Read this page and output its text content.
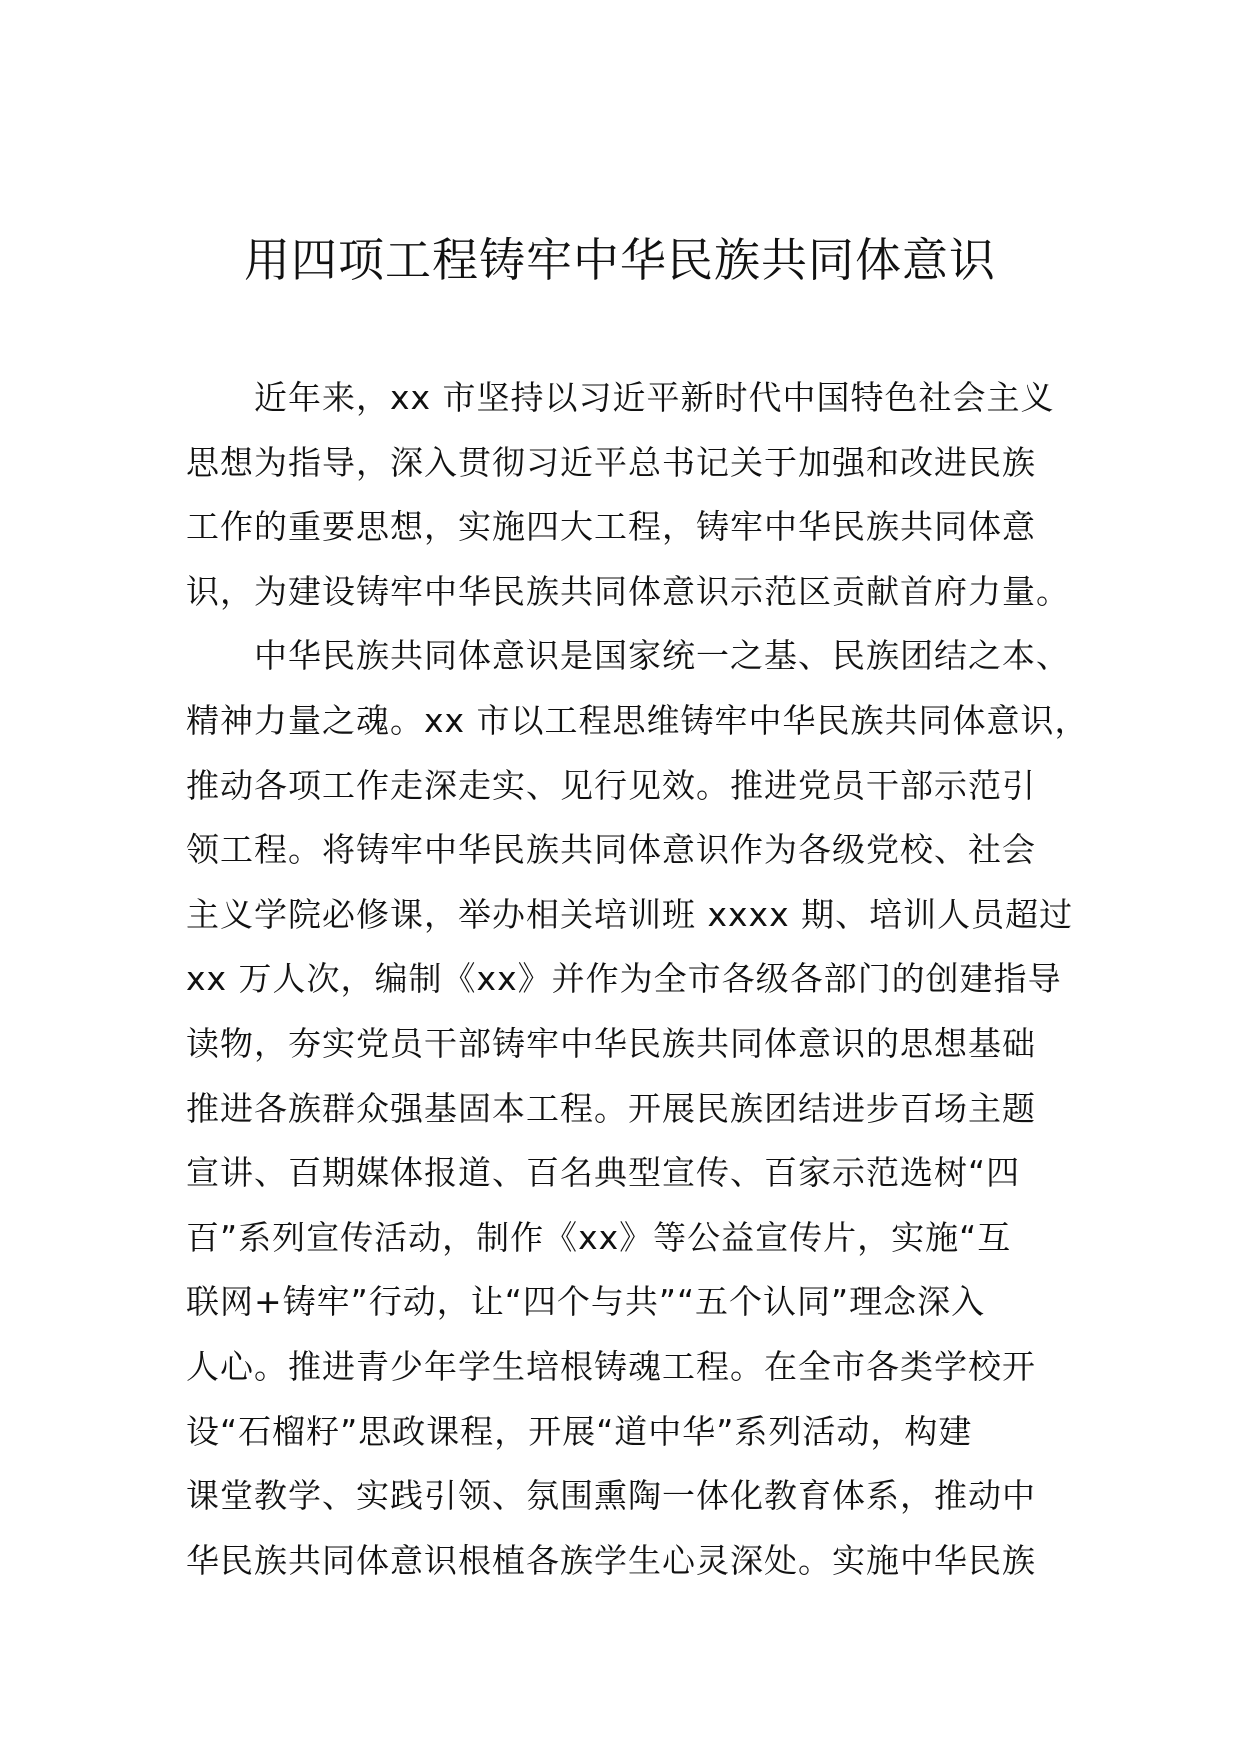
用四项工程铸牢中华民族共同体意识
近年来，xx 市坚持以习近平新时代中国特色社会主义
思想为指导，深入贯彻习近平总书记关于加强和改进民族
工作的重要思想，实施四大工程，铸牢中华民族共同体意
识，为建设铸牢中华民族共同体意识示范区贡献首府力量。
中华民族共同体意识是国家统一之基、民族团结之本、
精神力量之魂。xx 市以工程思维铸牢中华民族共同体意识，
推动各项工作走深走实、见行见效。推进党员干部示范引
领工程。将铸牢中华民族共同体意识作为各级党校、社会
主义学院必修课，举办相关培训班 xxxx 期、培训人员超过
xx 万人次，编制《xx》并作为全市各级各部门的创建指导
读物，夯实党员干部铸牢中华民族共同体意识的思想基础
推进各族群众强基固本工程。开展民族团结进步百场主题
宣讲、百期媒体报道、百名典型宣传、百家示范选树“四
百”系列宣传活动，制作《xx》等公益宣传片，实施“互
联网+铸牢”行动，让“四个与共”“五个认同”理念深入
人心。推进青少年学生培根铸魂工程。在全市各类学校开
设“石榴籽”思政课程，开展“道中华”系列活动，构建
课堂教学、实践引领、氛围熏陶一体化教育体系，推动中
华民族共同体意识根植各族学生心灵深处。实施中华民族
